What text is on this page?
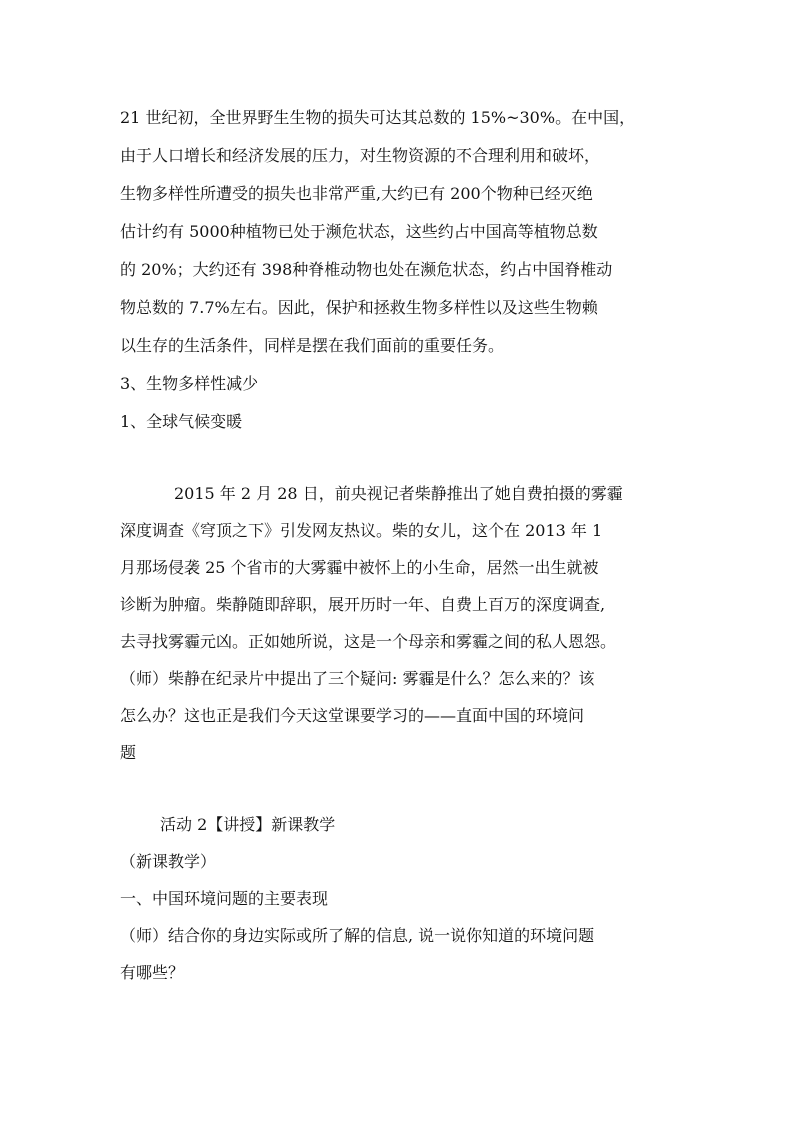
21 世纪初，全世界野生生物的损失可达其总数的 15%~30%。在中国，
由于人口增长和经济发展的压力，对生物资源的不合理利用和破坏，
生物多样性所遭受的损失也非常严重,大约已有 200个物种已经灭绝
估计约有 5000种植物已处于濒危状态，这些约占中国高等植物总数
的 20%；大约还有 398种脊椎动物也处在濒危状态，约占中国脊椎动
物总数的 7.7%左右。因此，保护和拯救生物多样性以及这些生物赖
以生存的生活条件，同样是摆在我们面前的重要任务。
3、生物多样性减少
1、全球气候变暖
2015 年 2 月 28 日，前央视记者柴静推出了她自费拍摄的雾霾
深度调查《穹顶之下》引发网友热议。柴的女儿，这个在 2013 年 1
月那场侵袭 25 个省市的大雾霾中被怀上的小生命，居然一出生就被
诊断为肿瘤。柴静随即辞职，展开历时一年、自费上百万的深度调查,
去寻找雾霾元凶。正如她所说，这是一个母亲和雾霾之间的私人恩怨。
（师）柴静在纪录片中提出了三个疑问: 雾霾是什么？怎么来的？该
怎么办？这也正是我们今天这堂课要学习的——直面中国的环境问
题
活动 2【讲授】新课教学
（新课教学）
一、中国环境问题的主要表现
（师）结合你的身边实际或所了解的信息, 说一说你知道的环境问题
有哪些？
